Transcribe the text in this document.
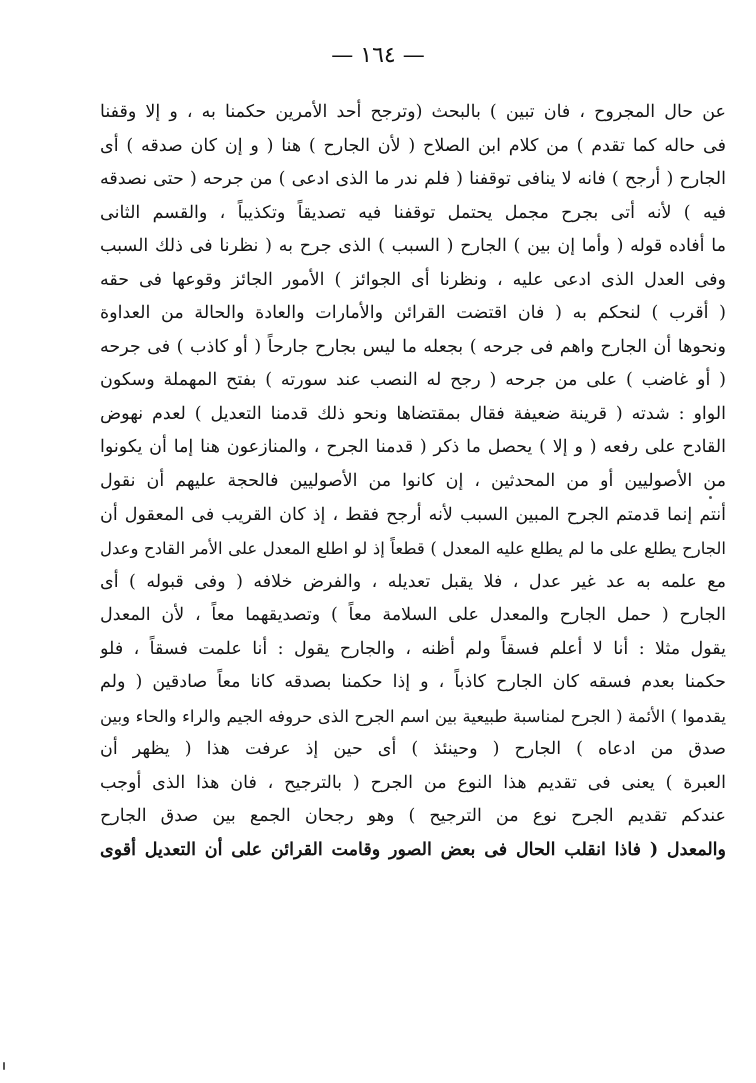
— ١٦٤ —
عن حال المجروح ، فان تبين ) بالبحث (وترجح أحد الأمرين حكمنا به ، و إلا وقفنا
فى حاله كما تقدم ) من كلام ابن الصلاح ( لأن الجارح ) هنا ( و إن كان صدقه ) أى
الجارح ( أرجح ) فانه لا ينافى توقفنا ( فلم ندر ما الذى ادعى ) من جرحه ( حتى نصدقه
فيه ) لأنه أتى بجرح مجمل يحتمل توقفنا فيه تصديقاً وتكذيباً ، والقسم الثانى
ما أفاده قوله ( وأما إن بين ) الجارح ( السبب ) الذى جرح به ( نظرنا فى ذلك السبب
وفى العدل الذى ادعى عليه ، ونظرنا أى الجوائز ) الأمور الجائز وقوعها فى حقه
( أقرب ) لنحكم به ( فان اقتضت القرائن والأمارات والعادة والحالة من العداوة
ونحوها أن الجارح واهم فى جرحه ) بجعله ما ليس بجارح جارحاً ( أو كاذب ) فى جرحه
( أو غاضب ) على من جرحه ( رجح له النصب عند سورته ) بفتح المهملة وسكون
الواو : شدته ( قرينة ضعيفة فقال بمقتضاها ونحو ذلك قدمنا التعديل ) لعدم نهوض
القادح على رفعه ( و إلا ) يحصل ما ذكر ( قدمنا الجرح ، والمنازعون هنا إما أن يكونوا
من الأصوليين أو من المحدثين ، إن كانوا من الأصوليين فالحجة عليهم أن نقول
أنتم إنما قدمتم الجرح المبين السبب لأنه أرجح فقط ، إذ كان القريب فى المعقول أن
الجارح يطلع على ما لم يطلع عليه المعدل ) قطعاً إذ لو اطلع المعدل على الأمر القادح وعدل
مع علمه به عد غير عدل ، فلا يقبل تعديله ، والفرض خلافه ( وفى قبوله ) أى
الجارح ( حمل الجارح والمعدل على السلامة معاً ) وتصديقهما معاً ، لأن المعدل
يقول مثلا : أنا لا أعلم فسقاً ولم أظنه ، والجارح يقول : أنا علمت فسقاً ، فلو
حكمنا بعدم فسقه كان الجارح كاذباً ، و إذا حكمنا بصدقه كانا معاً صادقين ( ولم
يقدموا ) الأئمة ( الجرح لمناسبة طبيعية بين اسم الجرح الذى حروفه الجيم والراء والحاء وبين
صدق من ادعاه ) الجارح ( وحينئذ ) أى حين إذ عرفت هذا ( يظهر أن
العبرة ) يعنى فى تقديم هذا النوع من الجرح ( بالترجيح ، فان هذا الذى أوجب
عندكم تقديم الجرح نوع من الترجيح ) وهو رجحان الجمع بين صدق الجارح
والمعدل ( فاذا انقلب الحال فى بعض الصور وقامت القرائن على أن التعديل أقوى
